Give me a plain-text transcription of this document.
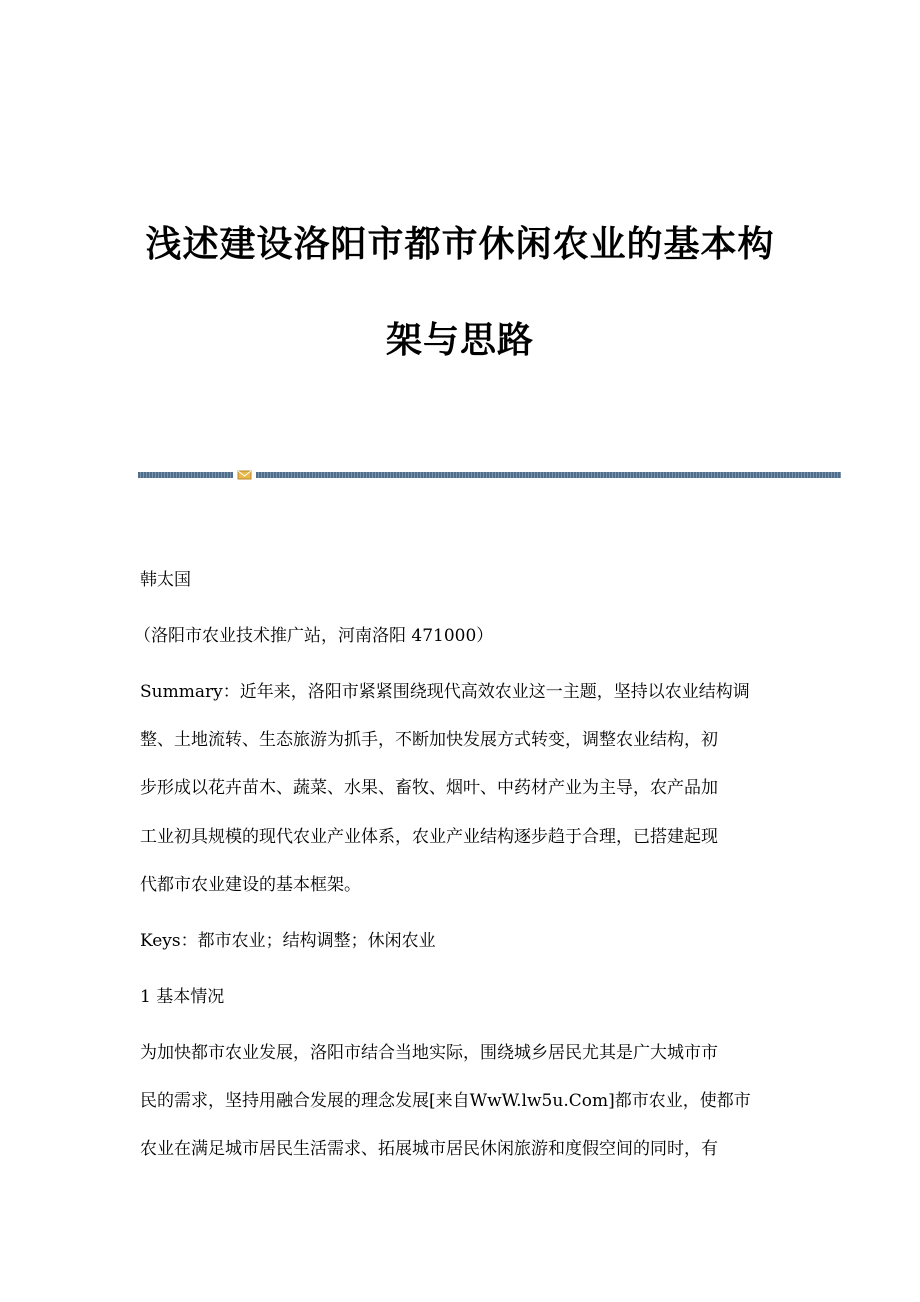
浅述建设洛阳市都市休闲农业的基本构
架与思路

韩太国

（洛阳市农业技术推广站，河南洛阳 471000）

Summary：近年来，洛阳市紧紧围绕现代高效农业这一主题，坚持以农业结构调

整、土地流转、生态旅游为抓手，不断加快发展方式转变，调整农业结构，初

步形成以花卉苗木、蔬菜、水果、畜牧、烟叶、中药材产业为主导，农产品加

工业初具规模的现代农业产业体系，农业产业结构逐步趋于合理，已搭建起现

代都市农业建设的基本框架。

Keys：都市农业；结构调整；休闲农业

1 基本情况

为加快都市农业发展，洛阳市结合当地实际，围绕城乡居民尤其是广大城市市

民的需求，坚持用融合发展的理念发展[来自WwW.lw5u.Com]都市农业，使都市

农业在满足城市居民生活需求、拓展城市居民休闲旅游和度假空间的同时，有
